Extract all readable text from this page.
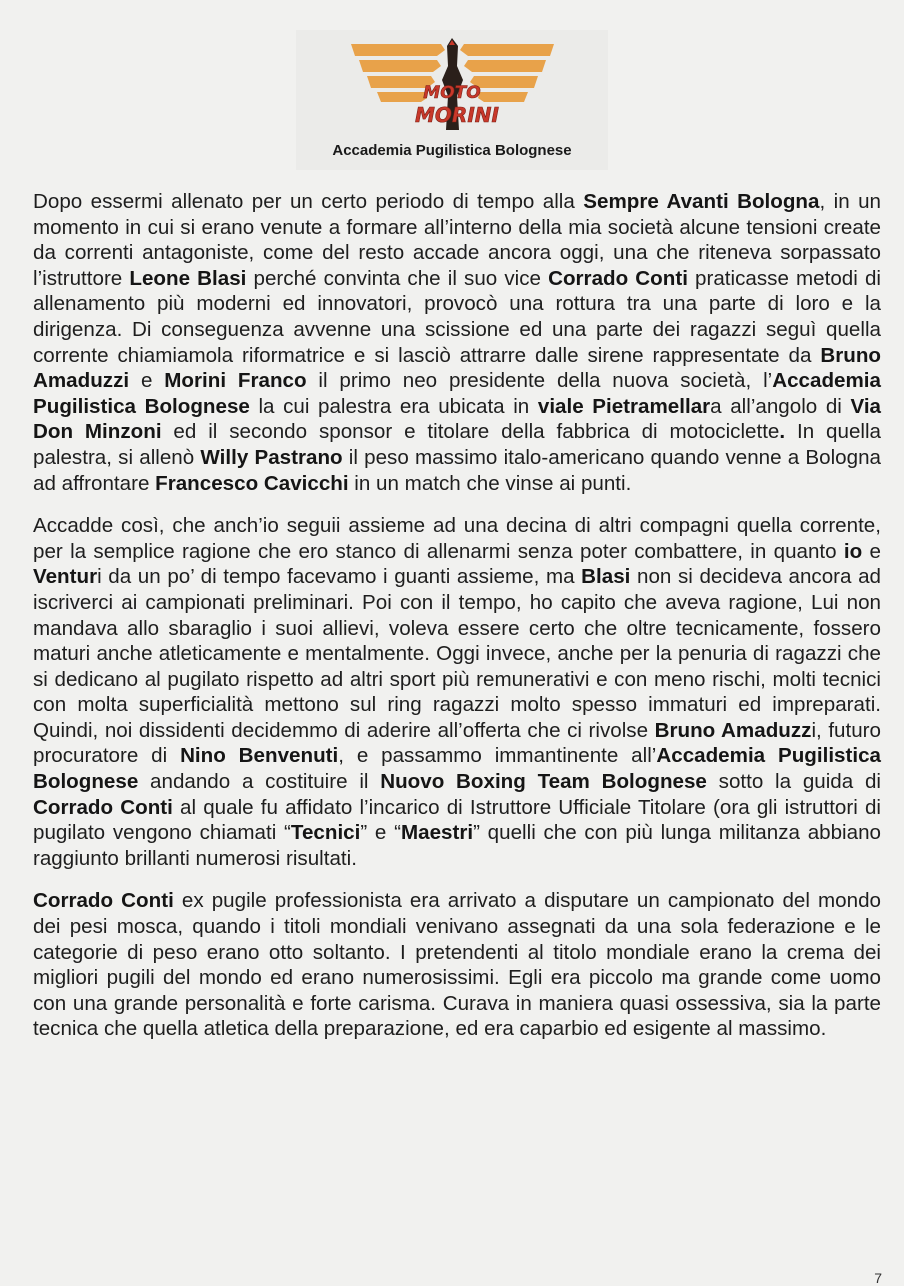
MOTO
MORINI
Accademia Pugilistica Bolognese

Dopo essermi allenato per un certo periodo di tempo alla Sempre Avanti Bologna, in un momento in cui si erano venute a formare all’interno della mia società alcune tensioni create da correnti antagoniste, come del resto accade ancora oggi, una che riteneva sorpassato l’istruttore Leone Blasi perché convinta che il suo vice Corrado Conti praticasse metodi di allenamento più moderni ed innovatori, provocò una rottura tra una parte di loro e la dirigenza. Di conseguenza avvenne una scissione ed una parte dei ragazzi seguì quella corrente chiamiamola riformatrice e si lasciò attrarre dalle sirene rappresentate da Bruno Amaduzzi e Morini Franco il primo neo presidente della nuova società, l’Accademia Pugilistica Bolognese la cui palestra era ubicata in viale Pietramellara all’angolo di Via Don Minzoni ed il secondo sponsor e titolare della fabbrica di motociclette. In quella palestra, si allenò Willy Pastrano il peso massimo italo-americano quando venne a Bologna ad affrontare Francesco Cavicchi in un match che vinse ai punti.

Accadde così, che anch’io seguii assieme ad una decina di altri compagni quella corrente, per la semplice ragione che ero stanco di allenarmi senza poter combattere, in quanto io e Venturi da un po’ di tempo facevamo i guanti assieme, ma Blasi non si decideva ancora ad iscriverci ai campionati preliminari. Poi con il tempo, ho capito che aveva ragione, Lui non mandava allo sbaraglio i suoi allievi, voleva essere certo che oltre tecnicamente, fossero maturi anche atleticamente e mentalmente. Oggi invece, anche per la penuria di ragazzi che si dedicano al pugilato rispetto ad altri sport più remunerativi e con meno rischi, molti tecnici con molta superficialità mettono sul ring ragazzi molto spesso immaturi ed impreparati. Quindi, noi dissidenti decidemmo di aderire all’offerta che ci rivolse Bruno Amaduzzi, futuro procuratore di Nino Benvenuti, e passammo immantinente all’Accademia Pugilistica Bolognese andando a costituire il Nuovo Boxing Team Bolognese sotto la guida di Corrado Conti al quale fu affidato l’incarico di Istruttore Ufficiale Titolare (ora gli istruttori di pugilato vengono chiamati “Tecnici” e “Maestri” quelli che con più lunga militanza abbiano raggiunto brillanti numerosi risultati.

Corrado Conti ex pugile professionista era arrivato a disputare un campionato del mondo dei pesi mosca, quando i titoli mondiali venivano assegnati da una sola federazione e le categorie di peso erano otto soltanto. I pretendenti al titolo mondiale erano la crema dei migliori pugili del mondo ed erano numerosissimi. Egli era piccolo ma grande come uomo con una grande personalità e forte carisma. Curava in maniera quasi ossessiva, sia la parte tecnica che quella atletica della preparazione, ed era caparbio ed esigente al massimo.

7
